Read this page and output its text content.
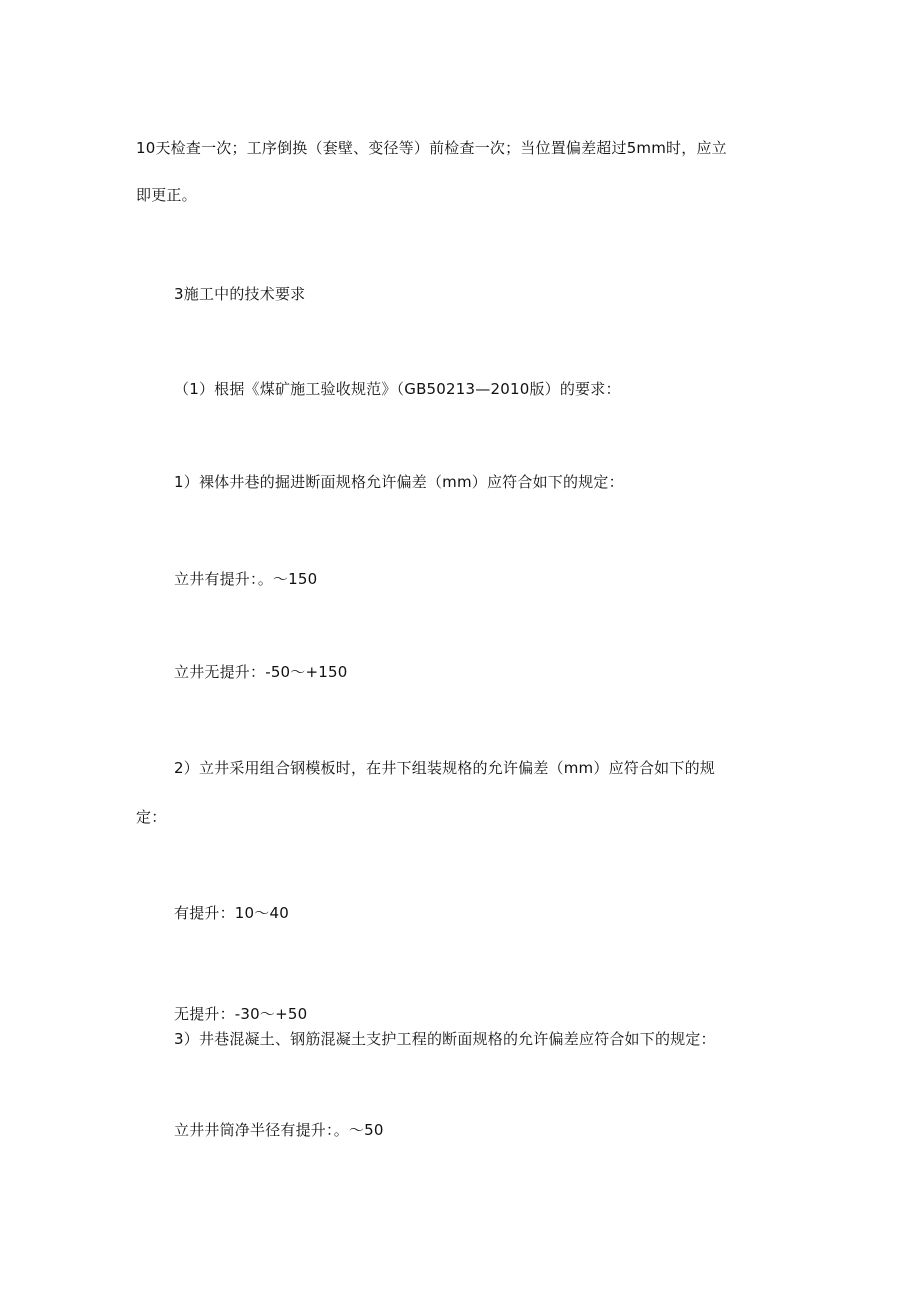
10天检查一次；工序倒换（套壁、变径等）前检查一次；当位置偏差超过5mm时，应立
即更正。
3施工中的技术要求
（1）根据《煤矿施工验收规范》（GB50213—2010版）的要求：
1）裸体井巷的掘进断面规格允许偏差（mm）应符合如下的规定：
立井有提升：。～150
立井无提升：-50～+150
2）立井采用组合钢模板时，在井下组装规格的允许偏差（mm）应符合如下的规
定：
有提升：10～40
无提升：-30～+50
3）井巷混凝土、钢筋混凝土支护工程的断面规格的允许偏差应符合如下的规定：
立井井筒净半径有提升：。～50
